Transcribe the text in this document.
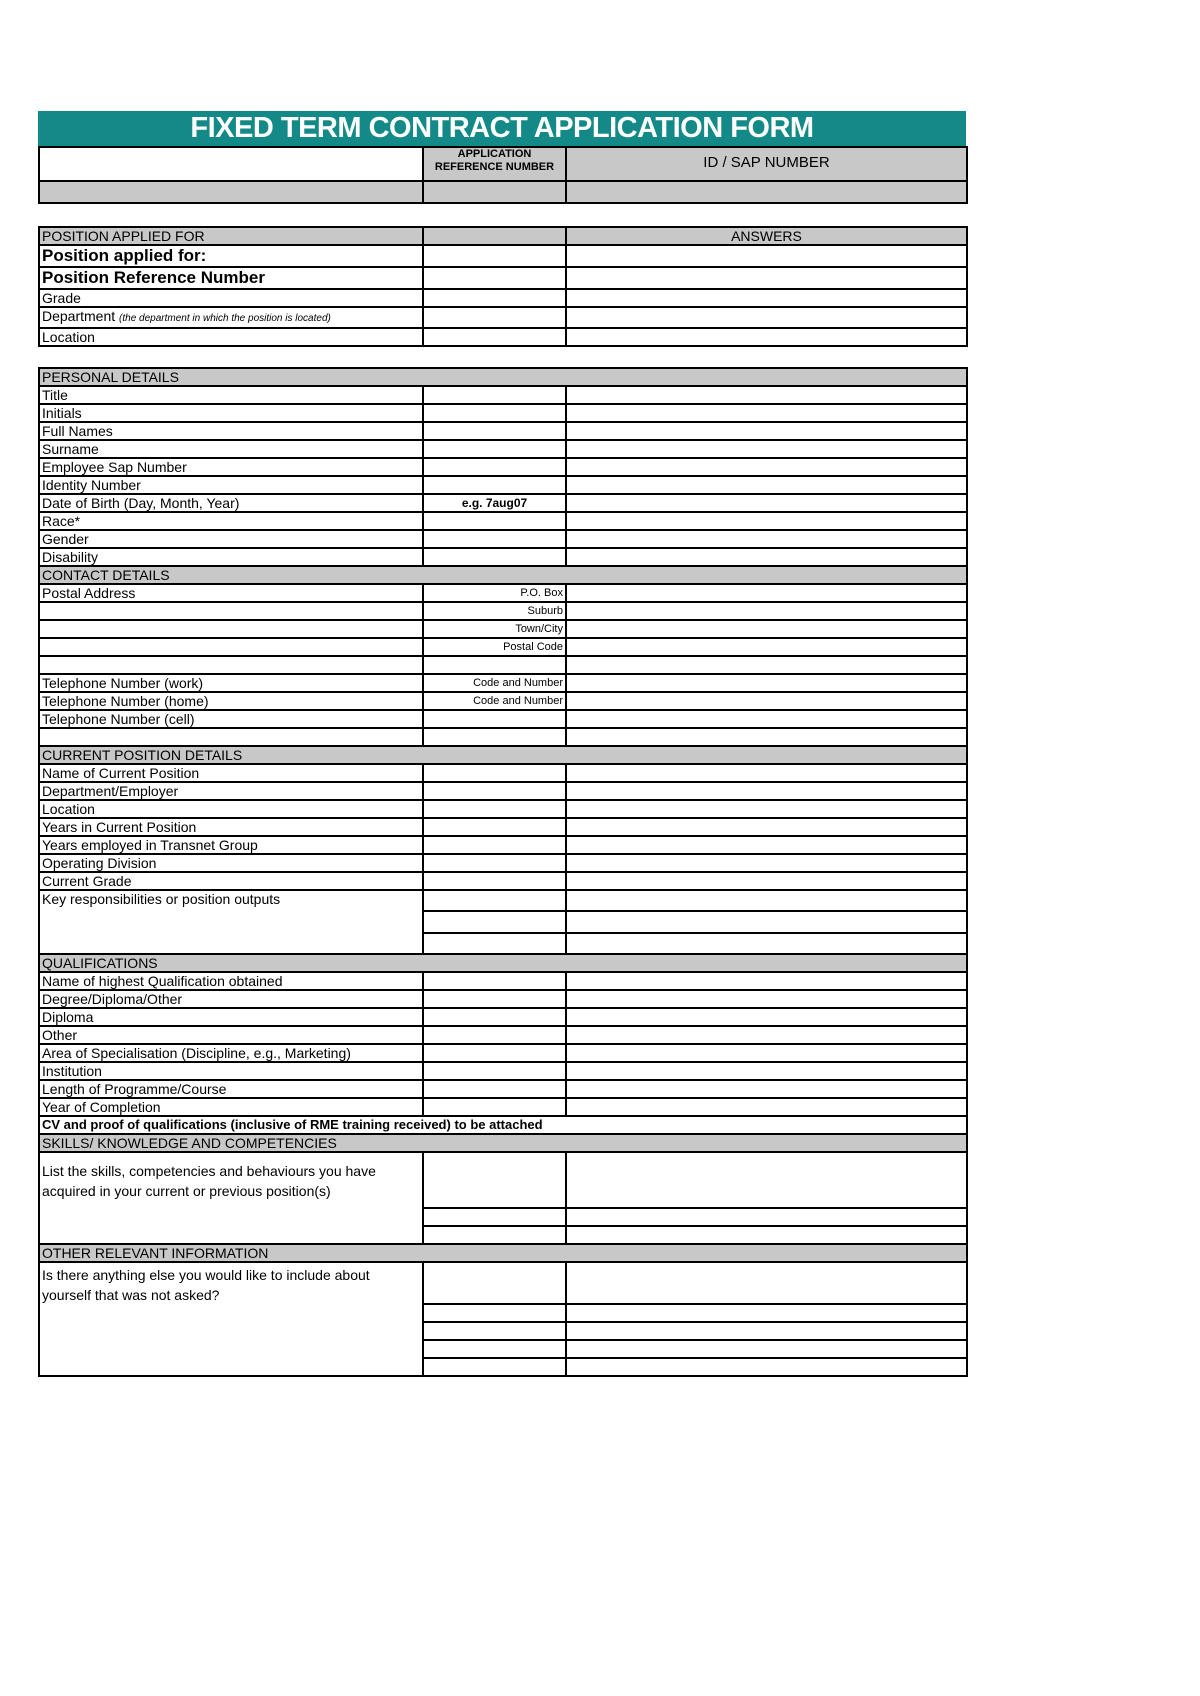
FIXED TERM CONTRACT APPLICATION FORM
	APPLICATION REFERENCE NUMBER	ID / SAP NUMBER

POSITION APPLIED FOR		ANSWERS
Position applied for:		
Position Reference Number		
Grade		
Department (the department in which the position is located)		
Location		
PERSONAL DETAILS		
Title		
Initials		
Full Names		
Surname		
Employee Sap Number		
Identity Number		
Date of Birth (Day, Month, Year)	e.g. 7aug07	
Race*		
Gender		
Disability		
CONTACT DETAILS		
Postal Address	P.O. Box	
	Suburb	
	Town/City	
	Postal Code	

Telephone Number (work)	Code and Number	
Telephone Number (home)	Code and Number	
Telephone Number (cell)		

CURRENT POSITION DETAILS		
Name of Current Position		
Department/Employer		
Location		
Years in Current Position		
Years employed in Transnet Group		
Operating Division		
Current Grade		
Key responsibilities or position outputs		

QUALIFICATIONS		
Name of highest Qualification obtained		
Degree/Diploma/Other		
Diploma		
Other		
Area of Specialisation (Discipline, e.g., Marketing)		
Institution		
Length of Programme/Course		
Year of Completion		
CV and proof of qualifications (inclusive of RME training received) to be attached		
SKILLS/ KNOWLEDGE AND COMPETENCIES		
List the skills, competencies and behaviours you have acquired in your current or previous position(s)		

OTHER RELEVANT INFORMATION		
Is there anything else you would like to include about yourself that was not asked?		
